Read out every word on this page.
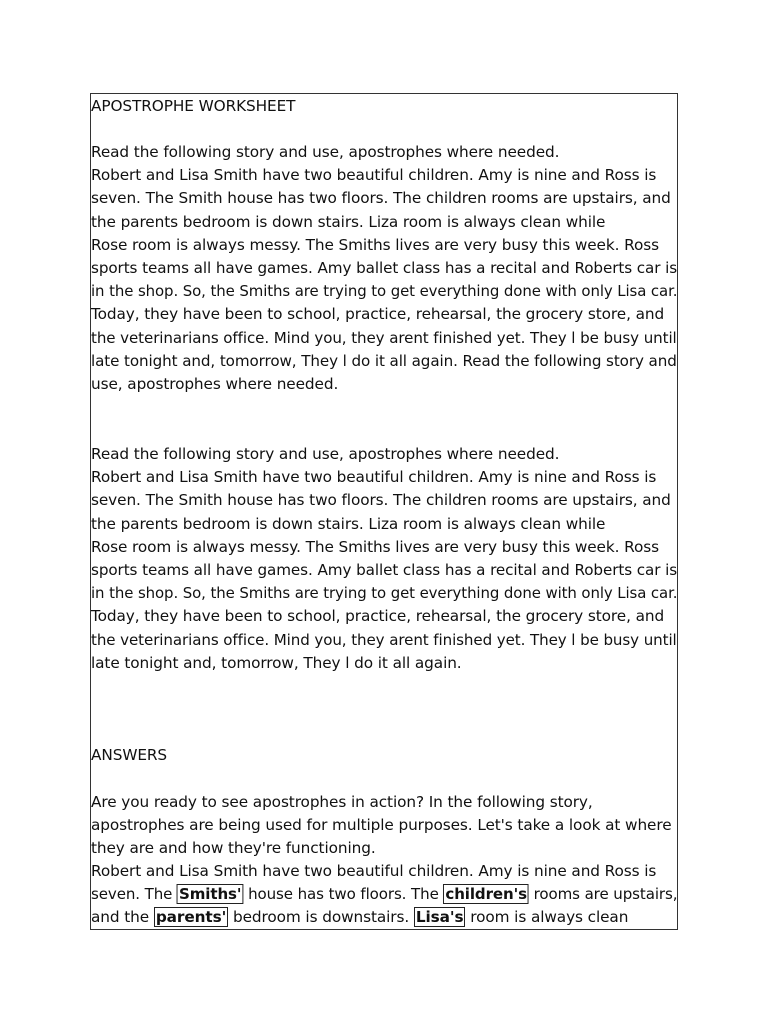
APOSTROPHE WORKSHEET
Read the following story and use, apostrophes where needed.
Robert and Lisa Smith have two beautiful children. Amy is nine and Ross is
seven. The Smith house has two floors. The children rooms are upstairs, and
the parents bedroom is down stairs. Liza room is always clean while
Rose room is always messy. The Smiths lives are very busy this week. Ross
sports teams all have games. Amy ballet class has a recital and Roberts car is
in the shop. So, the Smiths are trying to get everything done with only Lisa car.
Today, they have been to school, practice, rehearsal, the grocery store, and
the veterinarians office. Mind you, they arent finished yet. They l be busy until
late tonight and, tomorrow, They l do it all again. Read the following story and
use, apostrophes where needed.
Read the following story and use, apostrophes where needed.
Robert and Lisa Smith have two beautiful children. Amy is nine and Ross is
seven. The Smith house has two floors. The children rooms are upstairs, and
the parents bedroom is down stairs. Liza room is always clean while
Rose room is always messy. The Smiths lives are very busy this week. Ross
sports teams all have games. Amy ballet class has a recital and Roberts car is
in the shop. So, the Smiths are trying to get everything done with only Lisa car.
Today, they have been to school, practice, rehearsal, the grocery store, and
the veterinarians office. Mind you, they arent finished yet. They l be busy until
late tonight and, tomorrow, They l do it all again.
ANSWERS
Are you ready to see apostrophes in action? In the following story,
apostrophes are being used for multiple purposes. Let's take a look at where
they are and how they're functioning.
Robert and Lisa Smith have two beautiful children. Amy is nine and Ross is
seven. The Smiths' house has two floors. The children's rooms are upstairs,
and the parents' bedroom is downstairs. Lisa's room is always clean
